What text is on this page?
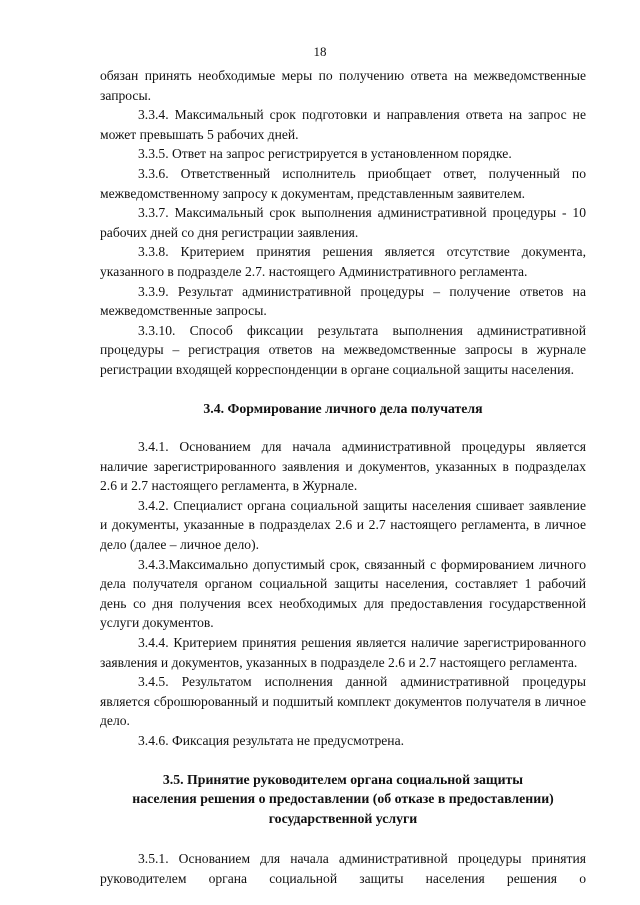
18

обязан принять необходимые меры по получению ответа на межведомственные запросы.

3.3.4. Максимальный срок подготовки и направления ответа на запрос не может превышать 5 рабочих дней.

3.3.5. Ответ на запрос регистрируется в установленном порядке.

3.3.6. Ответственный исполнитель приобщает ответ, полученный по межведомственному запросу к документам, представленным заявителем.

3.3.7. Максимальный срок выполнения административной процедуры - 10 рабочих дней со дня регистрации заявления.

3.3.8. Критерием принятия решения является отсутствие документа, указанного в подразделе 2.7. настоящего Административного регламента.

3.3.9. Результат административной процедуры – получение ответов на межведомственные запросы.

3.3.10. Способ фиксации результата выполнения административной процедуры – регистрация ответов на межведомственные запросы в журнале регистрации входящей корреспонденции в органе социальной защиты населения.

3.4. Формирование личного дела получателя

3.4.1. Основанием для начала административной процедуры является наличие зарегистрированного заявления и документов, указанных в подразделах 2.6 и 2.7 настоящего регламента, в Журнале.

3.4.2. Специалист органа социальной защиты населения сшивает заявление и документы, указанные в подразделах 2.6 и 2.7 настоящего регламента, в личное дело (далее – личное дело).

3.4.3.Максимально допустимый срок, связанный с формированием личного дела получателя органом социальной защиты населения, составляет 1 рабочий день со дня получения всех необходимых для предоставления государственной услуги документов.

3.4.4. Критерием принятия решения является наличие зарегистрированного заявления и документов, указанных в подразделе 2.6 и 2.7 настоящего регламента.

3.4.5. Результатом исполнения данной административной процедуры является сброшюрованный и подшитый комплект документов получателя в личное дело.

3.4.6. Фиксация результата не предусмотрена.

3.5. Принятие руководителем органа социальной защиты
населения решения о предоставлении (об отказе в предоставлении)
государственной услуги

3.5.1. Основанием для начала административной процедуры принятия руководителем органа социальной защиты населения решения о
